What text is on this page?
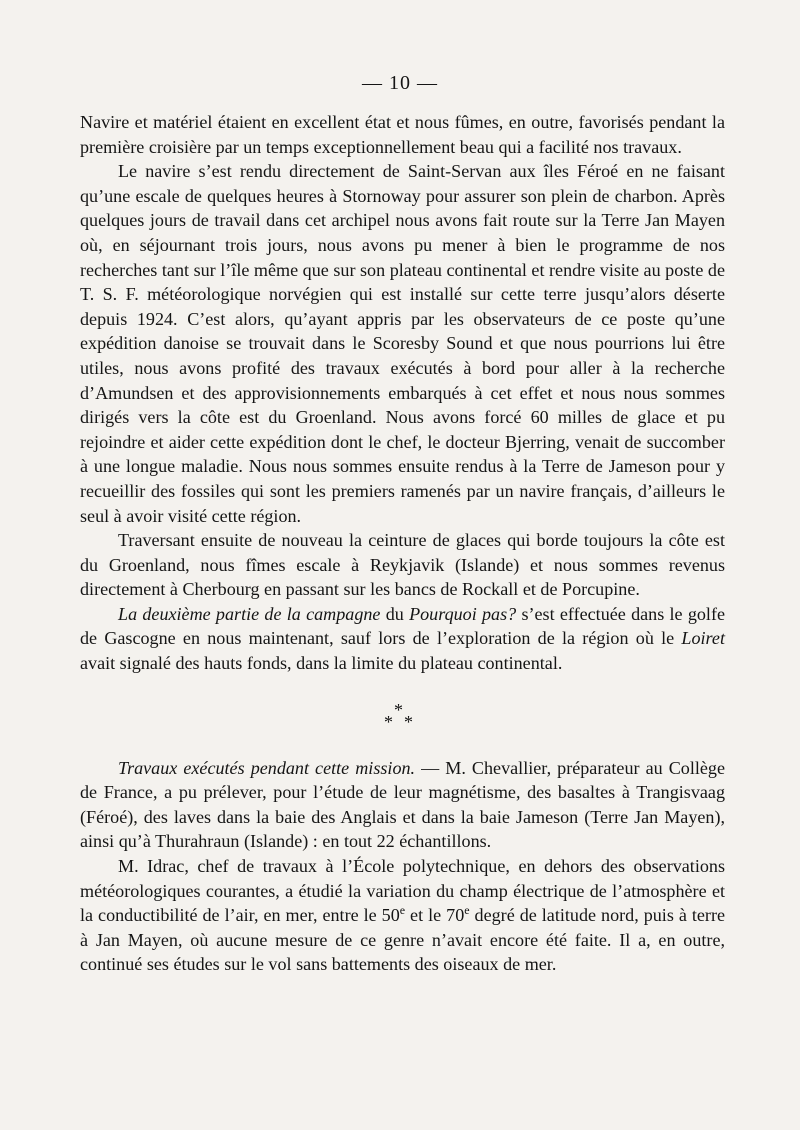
— 10 —

Navire et matériel étaient en excellent état et nous fûmes, en outre, favorisés pendant la première croisière par un temps exceptionnellement beau qui a facilité nos travaux.

Le navire s’est rendu directement de Saint-Servan aux îles Féroé en ne faisant qu’une escale de quelques heures à Stornoway pour assurer son plein de charbon. Après quelques jours de travail dans cet archipel nous avons fait route sur la Terre Jan Mayen où, en séjournant trois jours, nous avons pu mener à bien le programme de nos recherches tant sur l’île même que sur son plateau continental et rendre visite au poste de T. S. F. météorologique norvégien qui est installé sur cette terre jusqu’alors déserte depuis 1924. C’est alors, qu’ayant appris par les observateurs de ce poste qu’une expédition danoise se trouvait dans le Scoresby Sound et que nous pourrions lui être utiles, nous avons profité des travaux exécutés à bord pour aller à la recherche d’Amundsen et des approvisionnements embarqués à cet effet et nous nous sommes dirigés vers la côte est du Groenland. Nous avons forcé 60 milles de glace et pu rejoindre et aider cette expédition dont le chef, le docteur Bjerring, venait de succomber à une longue maladie. Nous nous sommes ensuite rendus à la Terre de Jameson pour y recueillir des fossiles qui sont les premiers ramenés par un navire français, d’ailleurs le seul à avoir visité cette région.

Traversant ensuite de nouveau la ceinture de glaces qui borde toujours la côte est du Groenland, nous fîmes escale à Reykjavik (Islande) et nous sommes revenus directement à Cherbourg en passant sur les bancs de Rockall et de Porcupine.

La deuxième partie de la campagne du Pourquoi pas? s’est effectuée dans le golfe de Gascogne en nous maintenant, sauf lors de l’exploration de la région où le Loiret avait signalé des hauts fonds, dans la limite du plateau continental.

*
* *

Travaux exécutés pendant cette mission. — M. Chevallier, préparateur au Collège de France, a pu prélever, pour l’étude de leur magnétisme, des basaltes à Trangisvaag (Féroé), des laves dans la baie des Anglais et dans la baie Jameson (Terre Jan Mayen), ainsi qu’à Thurahraun (Islande) : en tout 22 échantillons.

M. Idrac, chef de travaux à l’École polytechnique, en dehors des observations météorologiques courantes, a étudié la variation du champ électrique de l’atmosphère et la conductibilité de l’air, en mer, entre le 50e et le 70e degré de latitude nord, puis à terre à Jan Mayen, où aucune mesure de ce genre n’avait encore été faite. Il a, en outre, continué ses études sur le vol sans battements des oiseaux de mer.
